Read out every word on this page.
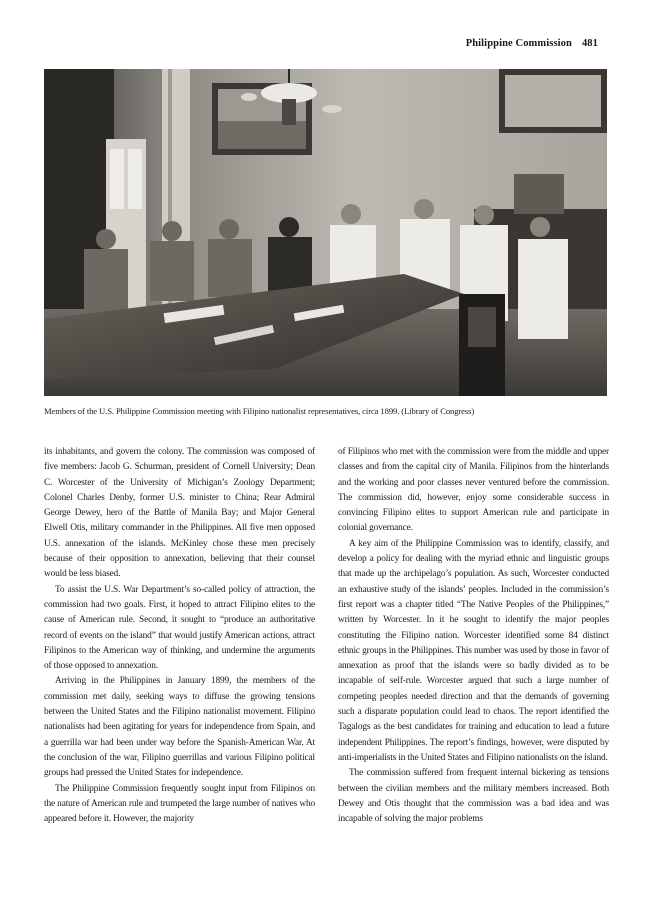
Philippine Commission 481
Members of the U.S. Philippine Commission meeting with Filipino nationalist representatives, circa 1899. (Library of Congress)

its inhabitants, and govern the colony. The commission was composed of five members: Jacob G. Schurman, president of Cornell University; Dean C. Worcester of the University of Michigan’s Zoology Department; Colonel Charles Denby, former U.S. minister to China; Rear Admiral George Dewey, hero of the Battle of Manila Bay; and Major General Elwell Otis, military commander in the Philippines. All five men opposed U.S. annexation of the islands. McKinley chose these men precisely because of their opposition to annexation, believing that their counsel would be less biased.

To assist the U.S. War Department’s so-called policy of attraction, the commission had two goals. First, it hoped to attract Filipino elites to the cause of American rule. Second, it sought to “produce an authoritative record of events on the island” that would justify American actions, attract Filipinos to the American way of thinking, and undermine the arguments of those opposed to annexation.

Arriving in the Philippines in January 1899, the members of the commission met daily, seeking ways to diffuse the growing tensions between the United States and the Filipino nationalist movement. Filipino nationalists had been agitating for years for independence from Spain, and a guerrilla war had been under way before the Spanish-American War. At the conclusion of the war, Filipino guerrillas and various Filipino political groups had pressed the United States for independence.

The Philippine Commission frequently sought input from Filipinos on the nature of American rule and trumpeted the large number of natives who appeared before it. However, the majority

of Filipinos who met with the commission were from the middle and upper classes and from the capital city of Manila. Filipinos from the hinterlands and the working and poor classes never ventured before the commission. The commission did, however, enjoy some considerable success in convincing Filipino elites to support American rule and participate in colonial governance.

A key aim of the Philippine Commission was to identify, classify, and develop a policy for dealing with the myriad ethnic and linguistic groups that made up the archipelago’s population. As such, Worcester conducted an exhaustive study of the islands’ peoples. Included in the commission’s first report was a chapter titled “The Native Peoples of the Philippines,” written by Worcester. In it he sought to identify the major peoples constituting the Filipino nation. Worcester identified some 84 distinct ethnic groups in the Philippines. This number was used by those in favor of annexation as proof that the islands were so badly divided as to be incapable of self-rule. Worcester argued that such a large number of competing peoples needed direction and that the demands of governing such a disparate population could lead to chaos. The report identified the Tagalogs as the best candidates for training and education to lead a future independent Philippines. The report’s findings, however, were disputed by anti-imperialists in the United States and Filipino nationalists on the island.

The commission suffered from frequent internal bickering as tensions between the civilian members and the military members increased. Both Dewey and Otis thought that the commission was a bad idea and was incapable of solving the major problems
